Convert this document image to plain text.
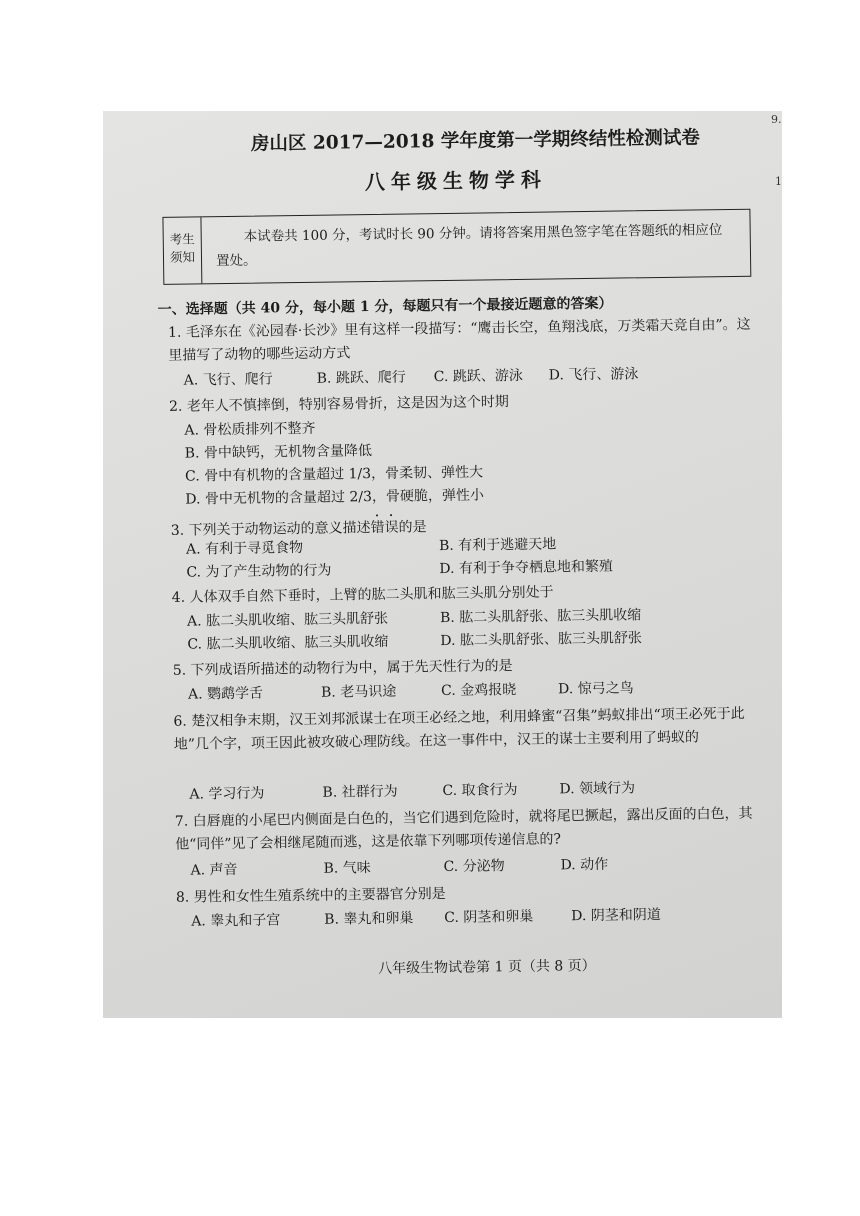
9.
1
房山区 2017—2018 学年度第一学期终结性检测试卷
八年级生物学科
考生须知
本试卷共 100 分，考试时长 90 分钟。请将答案用黑色签字笔在答题纸的相应位置处。
一、选择题（共 40 分，每小题 1 分，每题只有一个最接近题意的答案）
1. 毛泽东在《沁园春·长沙》里有这样一段描写：“鹰击长空，鱼翔浅底，万类霜天竞自由”。这里描写了动物的哪些运动方式
A. 飞行、爬行	B. 跳跃、爬行 C. 跳跃、游泳 D. 飞行、游泳
2. 老年人不慎摔倒，特别容易骨折，这是因为这个时期
A. 骨松质排列不整齐
B. 骨中缺钙，无机物含量降低
C. 骨中有机物的含量超过 1/3，骨柔韧、弹性大
D. 骨中无机物的含量超过 2/3，骨硬脆，弹性小
3. 下列关于动物运动的意义描述错误的是
A. 有利于寻觅食物	B. 有利于逃避天地
C. 为了产生动物的行为	D. 有利于争夺栖息地和繁殖
4. 人体双手自然下垂时，上臂的肱二头肌和肱三头肌分别处于
A. 肱二头肌收缩、肱三头肌舒张	B. 肱二头肌舒张、肱三头肌收缩
C. 肱二头肌收缩、肱三头肌收缩	D. 肱二头肌舒张、肱三头肌舒张
5. 下列成语所描述的动物行为中，属于先天性行为的是
A. 鹦鹉学舌	B. 老马识途	C. 金鸡报晓	D. 惊弓之鸟
6. 楚汉相争末期，汉王刘邦派谋士在项王必经之地，利用蜂蜜“召集”蚂蚁排出“项王必死于此地”几个字，项王因此被攻破心理防线。在这一事件中，汉王的谋士主要利用了蚂蚁的
A. 学习行为	B. 社群行为	C. 取食行为	D. 领域行为
7. 白唇鹿的小尾巴内侧面是白色的，当它们遇到危险时，就将尾巴撅起，露出反面的白色，其他“同伴”见了会相继尾随而逃，这是依靠下列哪项传递信息的?
A. 声音	B. 气味	C. 分泌物	D. 动作
8. 男性和女性生殖系统中的主要器官分别是
A. 睾丸和子宫	B. 睾丸和卵巢 C. 阴茎和卵巢	D. 阴茎和阴道
八年级生物试卷第 1 页（共 8 页）
